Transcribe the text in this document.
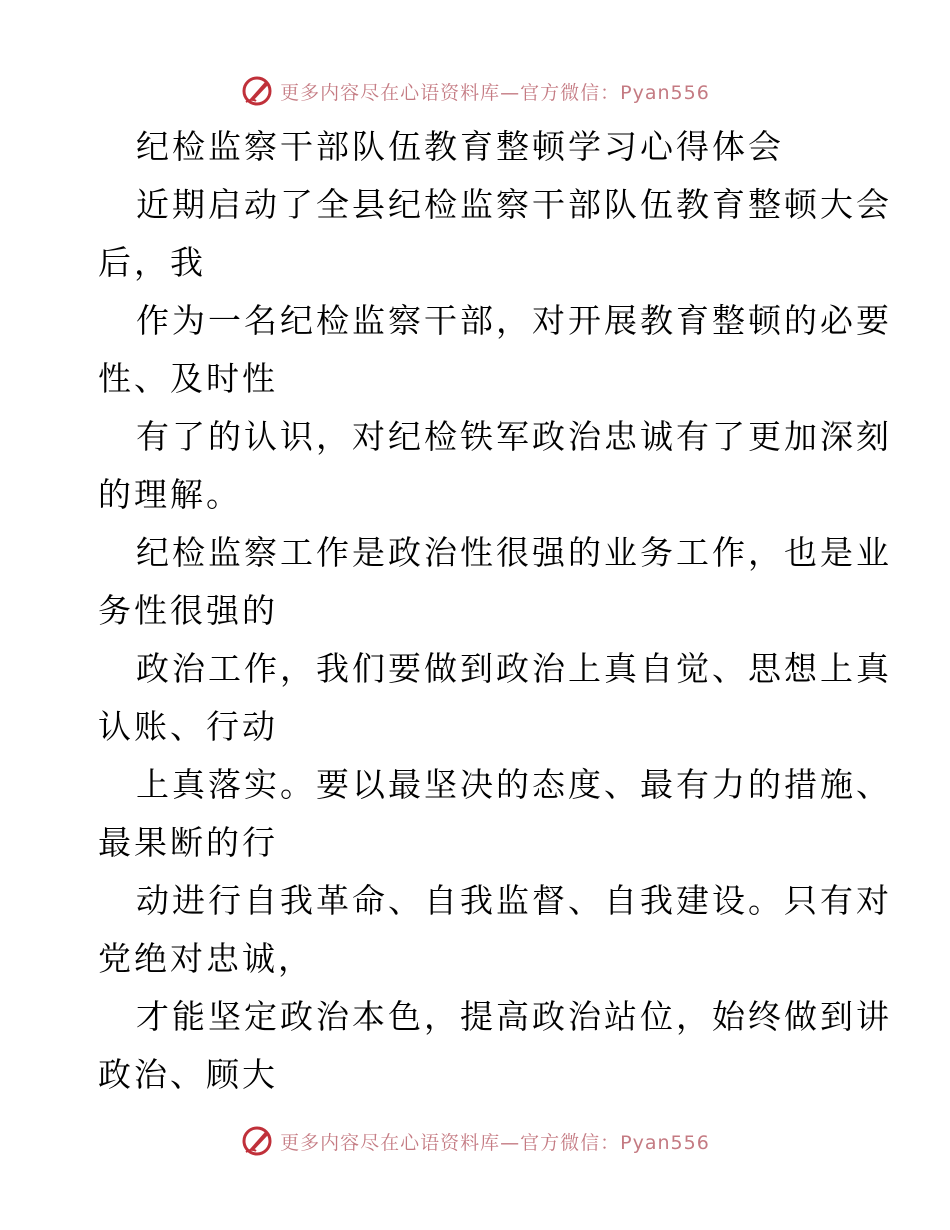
更多内容尽在心语资料库—官方微信：Pyan556
纪检监察干部队伍教育整顿学习心得体会
近期启动了全县纪检监察干部队伍教育整顿大会
后，我
作为一名纪检监察干部，对开展教育整顿的必要
性、及时性
有了的认识，对纪检铁军政治忠诚有了更加深刻
的理解。
纪检监察工作是政治性很强的业务工作，也是业
务性很强的
政治工作，我们要做到政治上真自觉、思想上真
认账、行动
上真落实。要以最坚决的态度、最有力的措施、
最果断的行
动进行自我革命、自我监督、自我建设。只有对
党绝对忠诚，
才能坚定政治本色，提高政治站位，始终做到讲
政治、顾大
更多内容尽在心语资料库—官方微信：Pyan556
